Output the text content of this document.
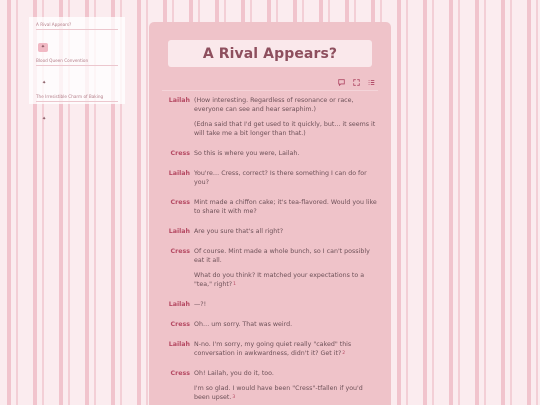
A Rival Appears?
✦
Blood Queen Convention
✦
The Irresistible Charm of Baking
✦
A Rival Appears?
Lailah (How interesting. Regardless of resonance or race, everyone can see and hear seraphim.)
(Edna said that I'd get used to it quickly, but... it seems it will take me a bit longer than that.)
Cress So this is where you were, Lailah.
Lailah You're… Cress, correct? Is there something I can do for you?
Cress Mint made a chiffon cake; it's tea-flavored. Would you like to share it with me?
Lailah Are you sure that's all right?
Cress Of course. Mint made a whole bunch, so I can't possibly eat it all.
What do you think? It matched your expectations to a "tea," right?1
Lailah —?!
Cress Oh… um sorry. That was weird.
Lailah N-no. I'm sorry, my going quiet really "caked" this conversation in awkwardness, didn't it? Get it?2
Cress Oh! Lailah, you do it, too.
I'm so glad. I would have been "Cress"-tfallen if you'd been upset.3
